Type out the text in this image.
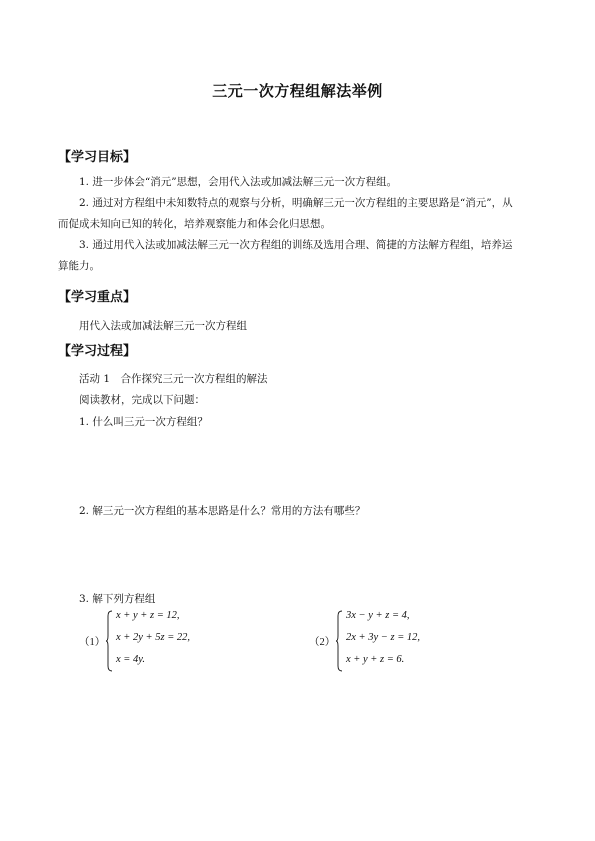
三元一次方程组解法举例
【学习目标】

1. 进一步体会“消元”思想，会用代入法或加减法解三元一次方程组。

2. 通过对方程组中未知数特点的观察与分析，明确解三元一次方程组的主要思路是“消元”，从而促成未知向已知的转化，培养观察能力和体会化归思想。

3. 通过用代入法或加减法解三元一次方程组的训练及选用合理、简捷的方法解方程组，培养运算能力。

【学习重点】
用代入法或加减法解三元一次方程组
【学习过程】
活动 1　合作探究三元一次方程组的解法
阅读教材，完成以下问题：
1. 什么叫三元一次方程组？
2. 解三元一次方程组的基本思路是什么？常用的方法有哪些？
3. 解下列方程组
（1）
x + y + z = 12,
x + 2y + 5z = 22,
x = 4y.
（2）
3x − y + z = 4,
2x + 3y − z = 12,
x + y + z = 6.
